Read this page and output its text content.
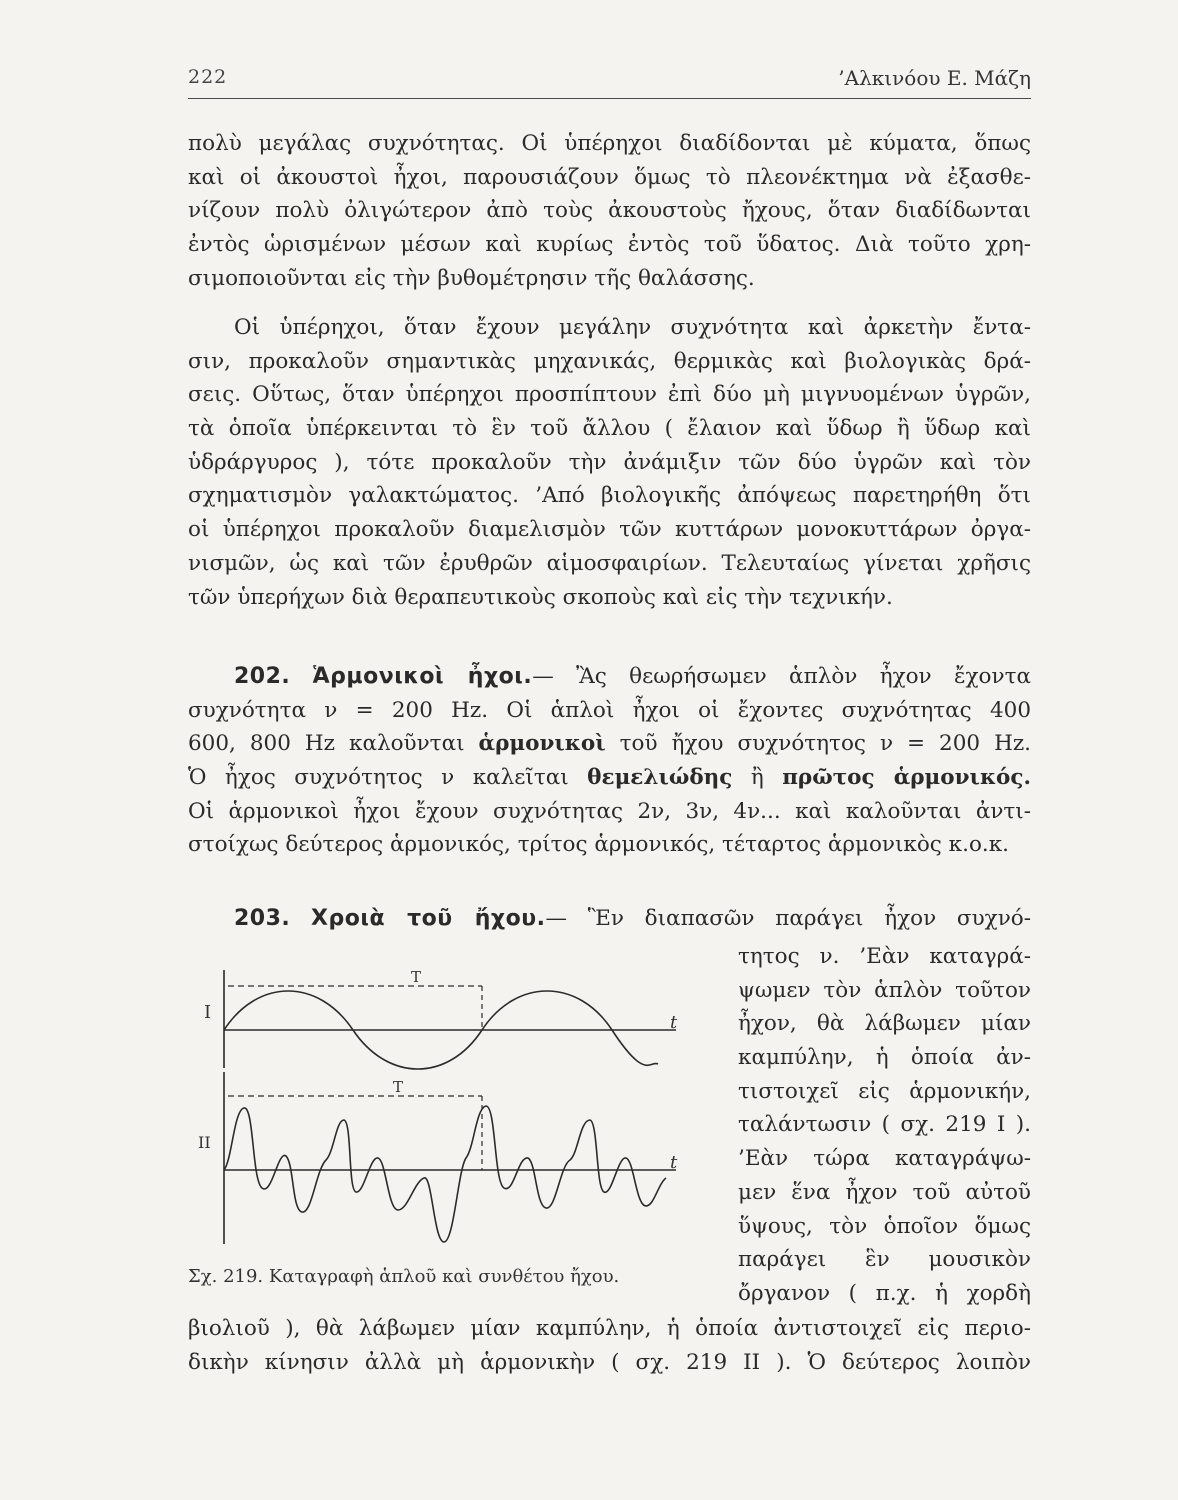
222	’Αλκινόου Ε. Μάζη
πολὺ μεγάλας συχνότητας. Οἱ ὑπέρηχοι διαδίδονται μὲ κύματα, ὅπως
καὶ οἱ ἀκουστοὶ ἦχοι, παρουσιάζουν ὅμως τὸ πλεονέκτημα νὰ ἐξασθε-
νίζουν πολὺ ὀλιγώτερον ἀπὸ τοὺς ἀκουστοὺς ἤχους, ὅταν διαδίδωνται
ἐντὸς ὡρισμένων μέσων καὶ κυρίως ἐντὸς τοῦ ὕδατος. Διὰ τοῦτο χρη-
σιμοποιοῦνται εἰς τὴν βυθομέτρησιν τῆς θαλάσσης.
Οἱ ὑπέρηχοι, ὅταν ἔχουν μεγάλην συχνότητα καὶ ἀρκετὴν ἔντα-
σιν, προκαλοῦν σημαντικὰς μηχανικάς, θερμικὰς καὶ βιολογικὰς δρά-
σεις. Οὕτως, ὅταν ὑπέρηχοι προσπίπτουν ἐπὶ δύο μὴ μιγνυομένων ὑγρῶν,
τὰ ὁποῖα ὑπέρκεινται τὸ ἓν τοῦ ἄλλου ( ἔλαιον καὶ ὕδωρ ἢ ὕδωρ καὶ
ὑδράργυρος ), τότε προκαλοῦν τὴν ἀνάμιξιν τῶν δύο ὑγρῶν καὶ τὸν
σχηματισμὸν γαλακτώματος. ’Από βιολογικῆς ἀπόψεως παρετηρήθη ὅτι
οἱ ὑπέρηχοι προκαλοῦν διαμελισμὸν τῶν κυττάρων μονοκυττάρων ὀργα-
νισμῶν, ὡς καὶ τῶν ἐρυθρῶν αἱμοσφαιρίων. Τελευταίως γίνεται χρῆσις
τῶν ὑπερήχων διὰ θεραπευτικοὺς σκοποὺς καὶ εἰς τὴν τεχνικήν.
202. Ἁρμονικοὶ ἦχοι.— Ἂς θεωρήσωμεν ἁπλὸν ἦχον ἔχοντα
συχνότητα ν = 200 Hz. Οἱ ἁπλοὶ ἦχοι οἱ ἔχοντες συχνότητας 400
600, 800 Hz καλοῦνται ἁρμονικοὶ τοῦ ἤχου συχνότητος ν = 200 Hz.
Ὁ ἦχος συχνότητος ν καλεῖται θεμελιώδης ἢ πρῶτος ἁρμονικός.
Οἱ ἁρμονικοὶ ἦχοι ἔχουν συχνότητας 2ν, 3ν, 4ν... καὶ καλοῦνται ἀντι-
στοίχως δεύτερος ἁρμονικός, τρίτος ἁρμονικός, τέταρτος ἁρμονικὸς κ.ο.κ.
203. Χροιὰ τοῦ ἤχου.— Ἓν διαπασῶν παράγει ἦχον συχνό-
I
T
t
II
T
t
Σχ. 219. Καταγραφὴ ἁπλοῦ καὶ συνθέτου ἤχου.
τητος ν. ’Εὰν καταγρά-
ψωμεν τὸν ἁπλὸν τοῦτον
ἦχον, θὰ λάβωμεν μίαν
καμπύλην, ἡ ὁποία ἀν-
τιστοιχεῖ εἰς ἁρμονικήν,
ταλάντωσιν ( σχ. 219 I ).
’Εὰν τώρα καταγράψω-
μεν ἕνα ἦχον τοῦ αὐτοῦ
ὕψους, τὸν ὁποῖον ὅμως
παράγει ἓν μουσικὸν
ὄργανον ( π.χ. ἡ χορδὴ
βιολιοῦ ), θὰ λάβωμεν μίαν καμπύλην, ἡ ὁποία ἀντιστοιχεῖ εἰς περιο-
δικὴν κίνησιν ἀλλὰ μὴ ἁρμονικὴν ( σχ. 219 II ). Ὁ δεύτερος λοιπὸν
